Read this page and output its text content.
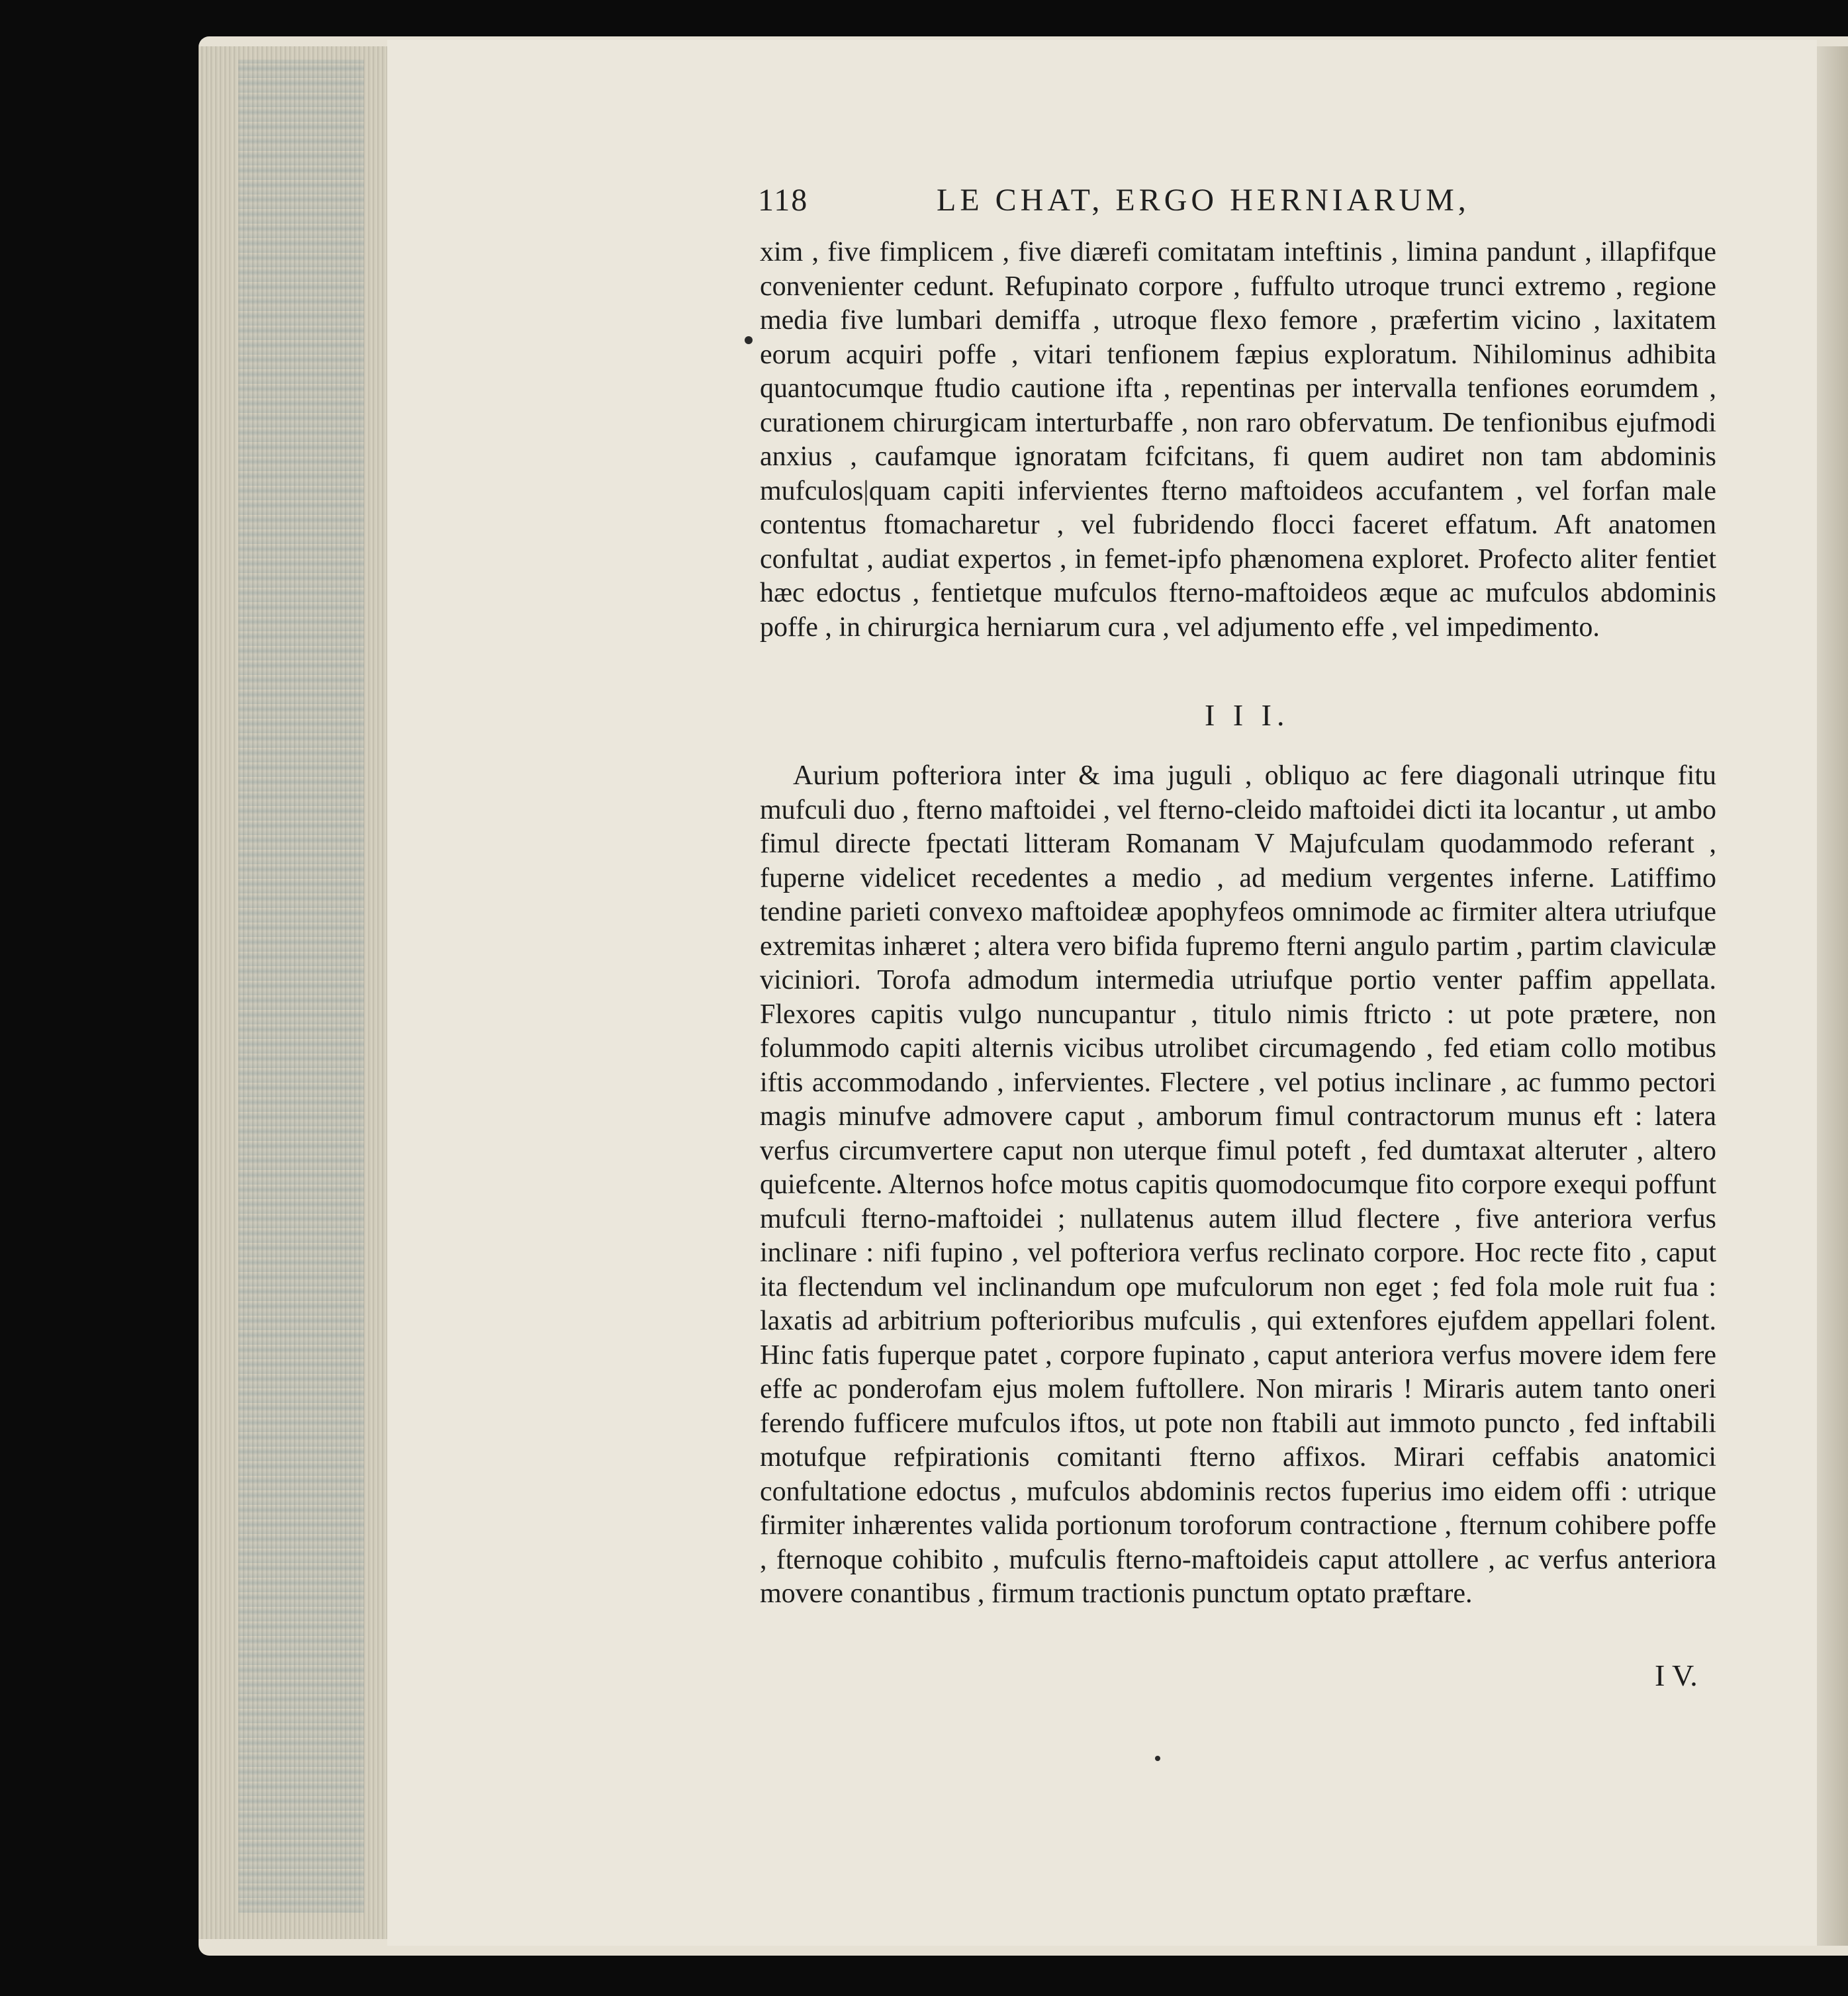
118	LE CHAT, ERGO HERNIARUM,

xim , five fimplicem , five diærefi comitatam inteftinis , limina pandunt , illapfifque convenienter cedunt. Refupinato corpore , fuffulto utroque trunci extremo , regione media five lumbari demiffa , utroque flexo femore , præfertim vicino , laxitatem eorum acquiri poffe , vitari tenfionem fæpius exploratum. Nihilominus adhibita quantocumque ftudio cautione ifta , repentinas per intervalla tenfiones eorumdem , curationem chirurgicam interturbaffe , non raro obfervatum. De tenfionibus ejufmodi anxius , caufamque ignoratam fcifcitans, fi quem audiret non tam abdominis mufculos|quam capiti infervientes fterno maftoideos accufantem , vel forfan male contentus ftomacharetur , vel fubridendo flocci faceret effatum. Aft anatomen confultat , audiat expertos , in femet-ipfo phænomena exploret. Profecto aliter fentiet hæc edoctus , fentietque mufculos fterno-maftoideos æque ac mufculos abdominis poffe , in chirurgica herniarum cura , vel adjumento effe , vel impedimento.

I I I.

Aurium pofteriora inter & ima juguli , obliquo ac fere diagonali utrinque fitu mufculi duo , fterno maftoidei , vel fterno-cleido maftoidei dicti ita locantur , ut ambo fimul directe fpectati litteram Romanam V Majufculam quodammodo referant , fuperne videlicet recedentes a medio , ad medium vergentes inferne. Latiffimo tendine parieti convexo maftoideæ apophyfeos omnimode ac firmiter altera utriufque extremitas inhæret ; altera vero bifida fupremo fterni angulo partim , partim claviculæ viciniori. Torofa admodum intermedia utriufque portio venter paffim appellata. Flexores capitis vulgo nuncupantur , titulo nimis ftricto : ut pote prætere, non folummodo capiti alternis vicibus utrolibet circumagendo , fed etiam collo motibus iftis accommodando , infervientes. Flectere , vel potius inclinare , ac fummo pectori magis minufve admovere caput , amborum fimul contractorum munus eft : latera verfus circumvertere caput non uterque fimul poteft , fed dumtaxat alteruter , altero quiefcente. Alternos hofce motus capitis quomodocumque fito corpore exequi poffunt mufculi fterno-maftoidei ; nullatenus autem illud flectere , five anteriora verfus inclinare : nifi fupino , vel pofteriora verfus reclinato corpore. Hoc recte fito , caput ita flectendum vel inclinandum ope mufculorum non eget ; fed fola mole ruit fua : laxatis ad arbitrium pofterioribus mufculis , qui extenfores ejufdem appellari folent. Hinc fatis fuperque patet , corpore fupinato , caput anteriora verfus movere idem fere effe ac ponderofam ejus molem fuftollere. Non miraris ! Miraris autem tanto oneri ferendo fufficere mufculos iftos, ut pote non ftabili aut immoto puncto , fed inftabili motufque refpirationis comitanti fterno affixos. Mirari ceffabis anatomici confultatione edoctus , mufculos abdominis rectos fuperius imo eidem offi : utrique firmiter inhærentes valida portionum toroforum contractione , fternum cohibere poffe , fternoque cohibito , mufculis fterno-maftoideis caput attollere , ac verfus anteriora movere conantibus , firmum tractionis punctum optato præftare.

I V.
